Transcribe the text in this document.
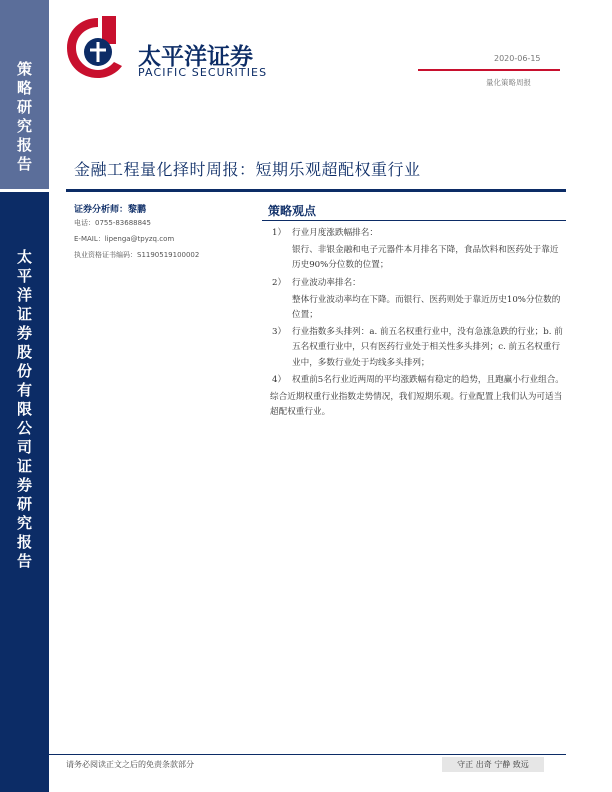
策
略
研
究
报
告
太
平
洋
证
券
股
份
有
限
公
司
证
券
研
究
报
告
太平洋证券
PACIFIC SECURITIES
2020-06-15
量化策略周报
金融工程量化择时周报：短期乐观超配权重行业
证券分析师：黎鹏
电话：0755-83688845
E-MAIL：lipenga@tpyzq.com
执业资格证书编码：S1190519100002
策略观点
1） 行业月度涨跌幅排名：
银行、非银金融和电子元器件本月排名下降，食品饮料和医药处于靠近历史90%分位数的位置；
2） 行业波动率排名：
整体行业波动率均在下降。而银行、医药则处于靠近历史10%分位数的位置；
3） 行业指数多头排列：a. 前五名权重行业中，没有急涨急跌的行业；b. 前五名权重行业中，只有医药行业处于相关性多头排列；c. 前五名权重行业中，多数行业处于均线多头排列；
4） 权重前5名行业近两周的平均涨跌幅有稳定的趋势，且跑赢小行业组合。
综合近期权重行业指数走势情况，我们短期乐观。行业配置上我们认为可适当超配权重行业。
请务必阅读正文之后的免责条款部分	守正 出奇 宁静 致远
